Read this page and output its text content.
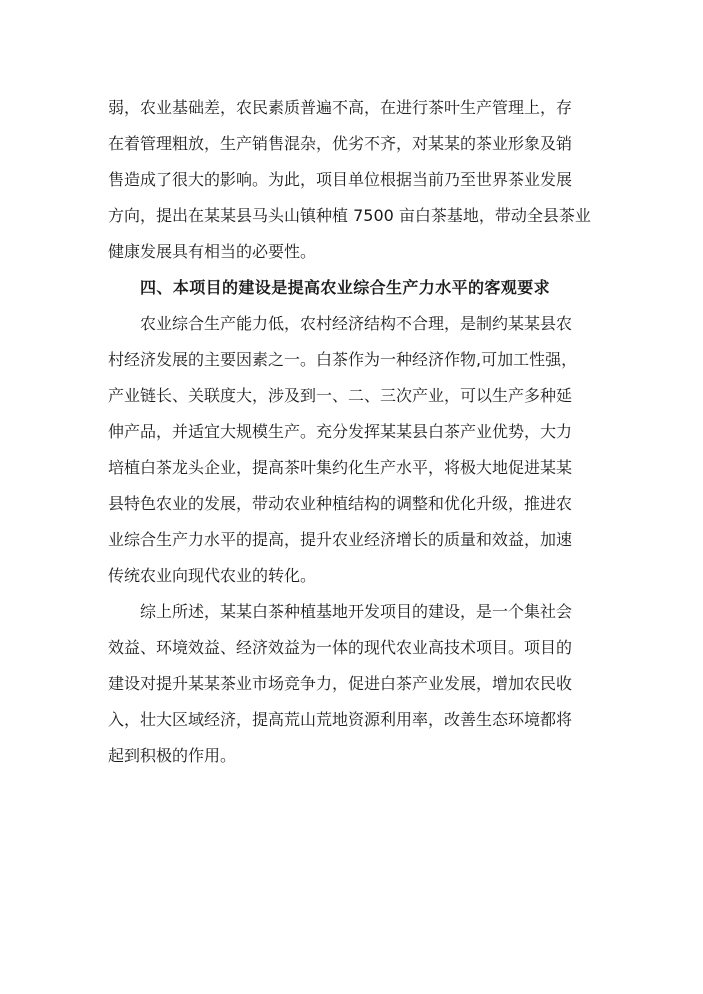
弱，农业基础差，农民素质普遍不高，在进行茶叶生产管理上，存
在着管理粗放，生产销售混杂，优劣不齐，对某某的茶业形象及销
售造成了很大的影响。为此，项目单位根据当前乃至世界茶业发展
方向，提出在某某县马头山镇种植 7500 亩白茶基地，带动全县茶业
健康发展具有相当的必要性。
四、本项目的建设是提高农业综合生产力水平的客观要求
农业综合生产能力低，农村经济结构不合理，是制约某某县农
村经济发展的主要因素之一。白茶作为一种经济作物,可加工性强，
产业链长、关联度大，涉及到一、二、三次产业，可以生产多种延
伸产品，并适宜大规模生产。充分发挥某某县白茶产业优势，大力
培植白茶龙头企业，提高茶叶集约化生产水平，将极大地促进某某
县特色农业的发展，带动农业种植结构的调整和优化升级，推进农
业综合生产力水平的提高，提升农业经济增长的质量和效益，加速
传统农业向现代农业的转化。
综上所述，某某白茶种植基地开发项目的建设，是一个集社会
效益、环境效益、经济效益为一体的现代农业高技术项目。项目的
建设对提升某某茶业市场竞争力，促进白茶产业发展，增加农民收
入，壮大区域经济，提高荒山荒地资源利用率，改善生态环境都将
起到积极的作用。
